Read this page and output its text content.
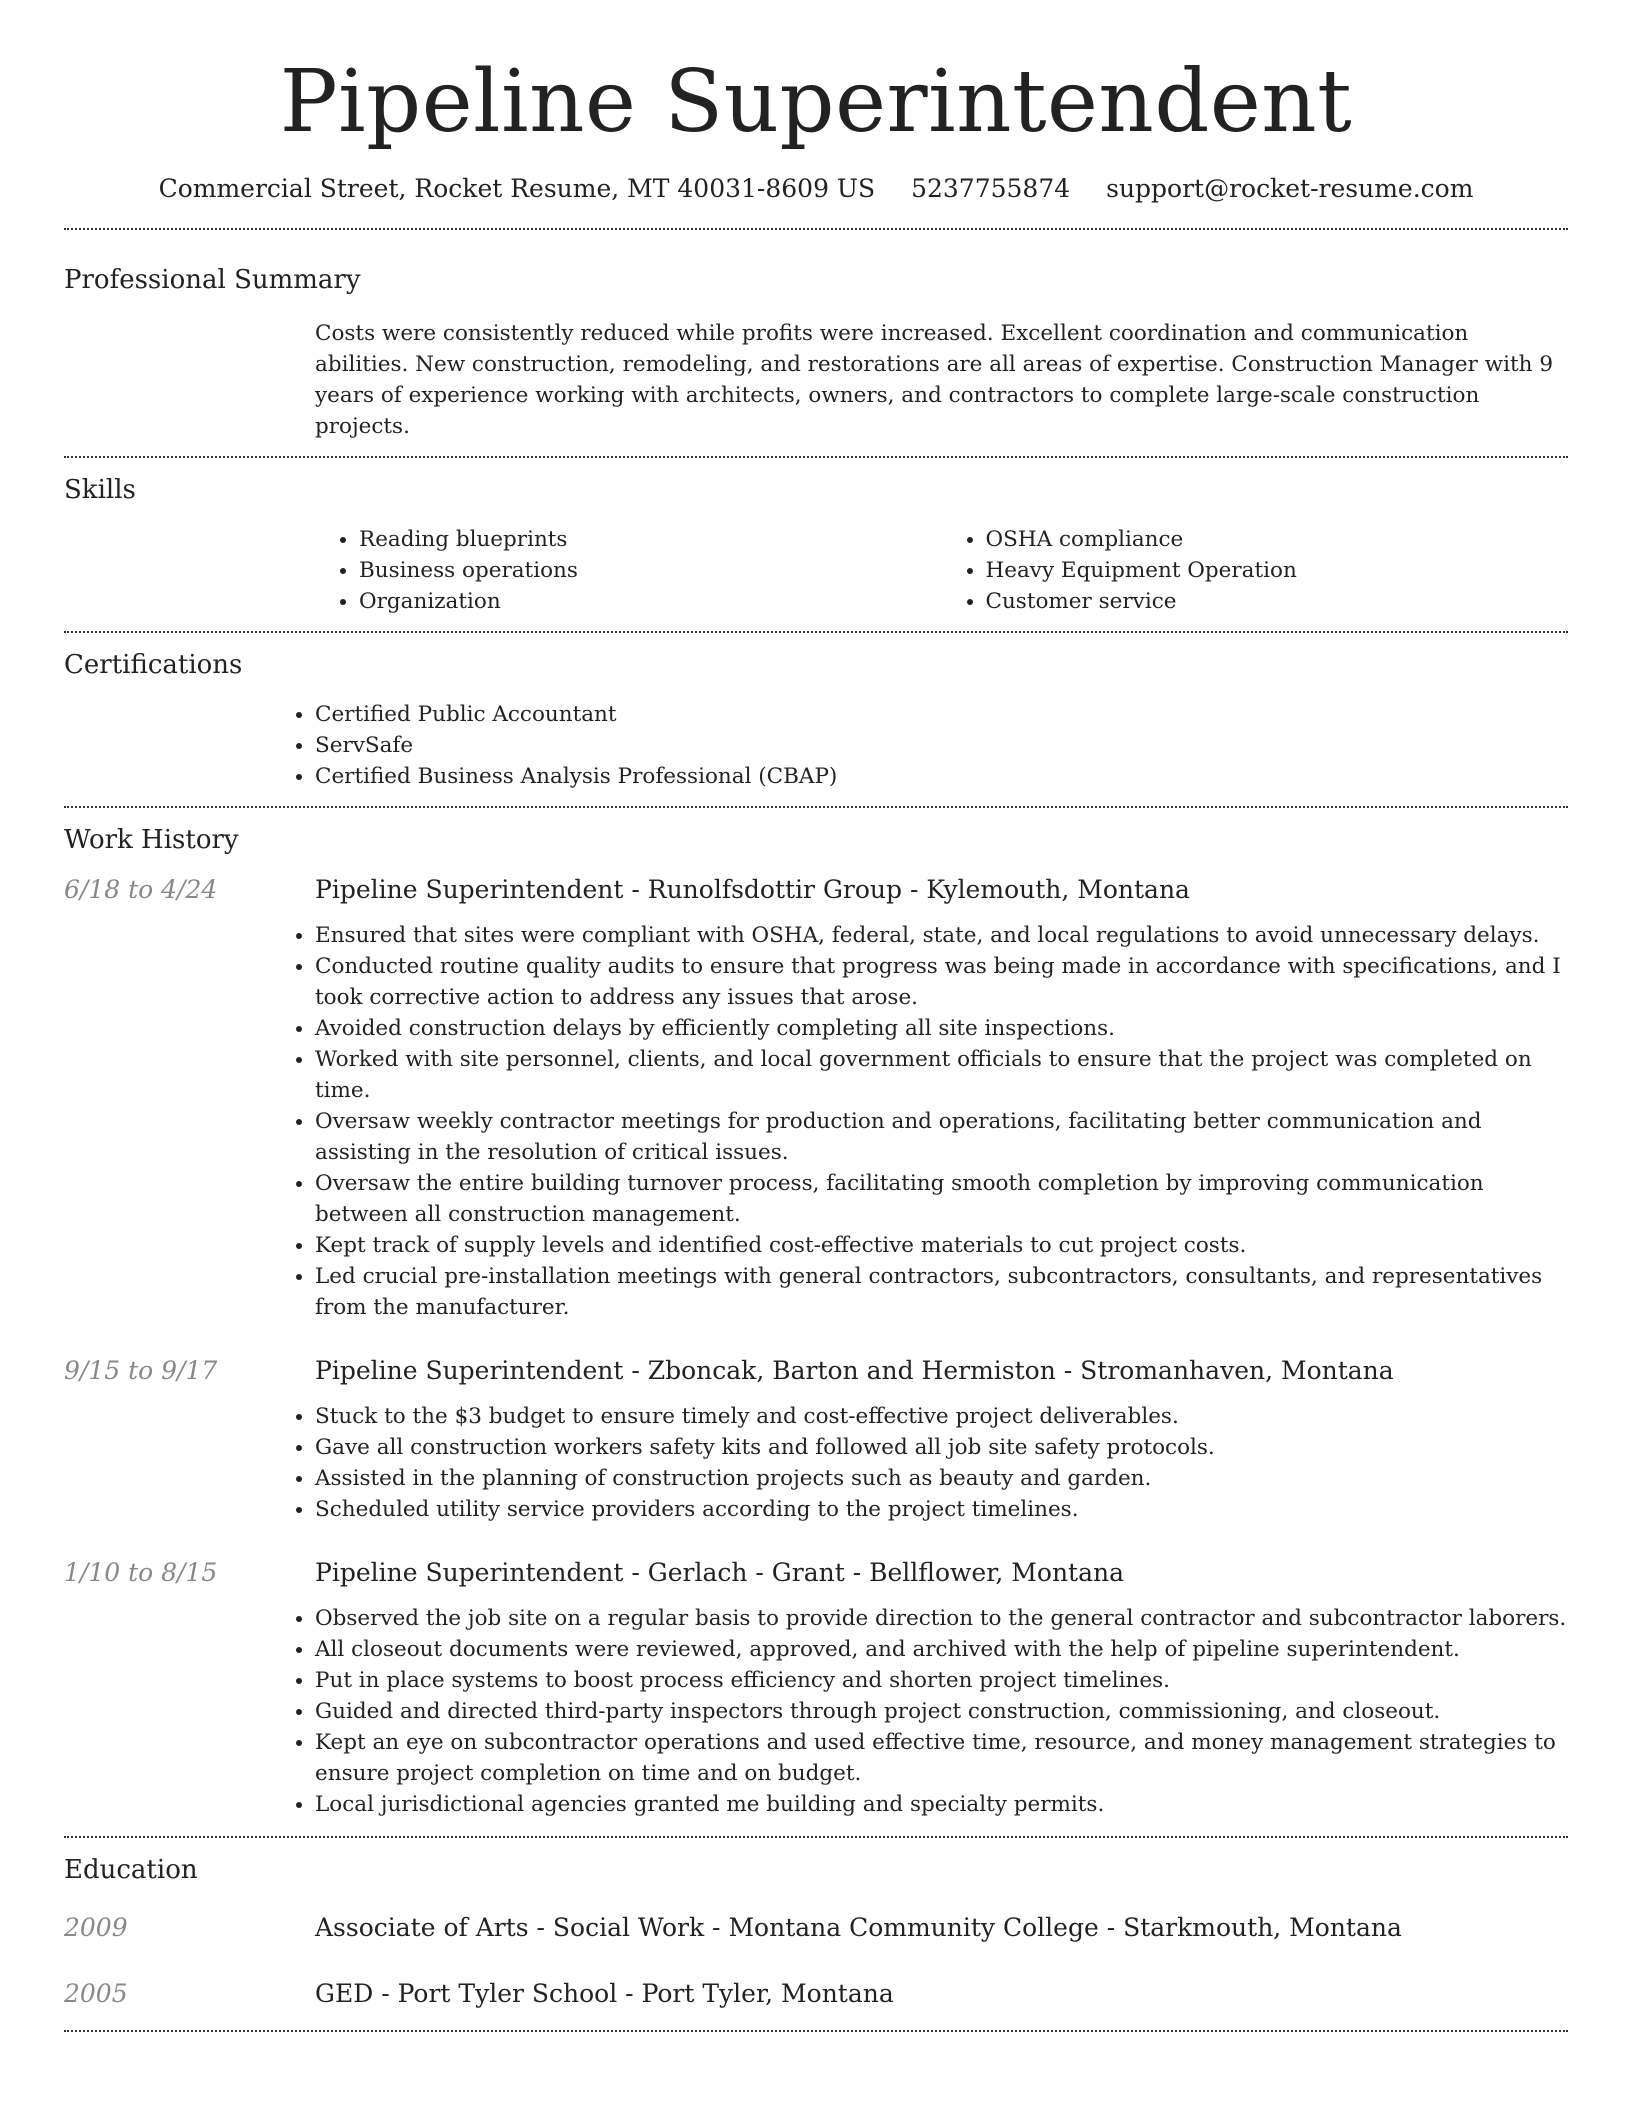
Pipeline Superintendent
Commercial Street, Rocket Resume, MT 40031-8609 US 5237755874 support@rocket-resume.com
Professional Summary
Costs were consistently reduced while profits were increased. Excellent coordination and communication abilities. New construction, remodeling, and restorations are all areas of expertise. Construction Manager with 9 years of experience working with architects, owners, and contractors to complete large-scale construction projects.
Skills
• Reading blueprints
• Business operations
• Organization
• OSHA compliance
• Heavy Equipment Operation
• Customer service
Certifications
• Certified Public Accountant
• ServSafe
• Certified Business Analysis Professional (CBAP)
Work History
6/18 to 4/24	Pipeline Superintendent - Runolfsdottir Group - Kylemouth, Montana
• Ensured that sites were compliant with OSHA, federal, state, and local regulations to avoid unnecessary delays.
• Conducted routine quality audits to ensure that progress was being made in accordance with specifications, and I took corrective action to address any issues that arose.
• Avoided construction delays by efficiently completing all site inspections.
• Worked with site personnel, clients, and local government officials to ensure that the project was completed on time.
• Oversaw weekly contractor meetings for production and operations, facilitating better communication and assisting in the resolution of critical issues.
• Oversaw the entire building turnover process, facilitating smooth completion by improving communication between all construction management.
• Kept track of supply levels and identified cost-effective materials to cut project costs.
• Led crucial pre-installation meetings with general contractors, subcontractors, consultants, and representatives from the manufacturer.
9/15 to 9/17	Pipeline Superintendent - Zboncak, Barton and Hermiston - Stromanhaven, Montana
• Stuck to the $3 budget to ensure timely and cost-effective project deliverables.
• Gave all construction workers safety kits and followed all job site safety protocols.
• Assisted in the planning of construction projects such as beauty and garden.
• Scheduled utility service providers according to the project timelines.
1/10 to 8/15	Pipeline Superintendent - Gerlach - Grant - Bellflower, Montana
• Observed the job site on a regular basis to provide direction to the general contractor and subcontractor laborers.
• All closeout documents were reviewed, approved, and archived with the help of pipeline superintendent.
• Put in place systems to boost process efficiency and shorten project timelines.
• Guided and directed third-party inspectors through project construction, commissioning, and closeout.
• Kept an eye on subcontractor operations and used effective time, resource, and money management strategies to ensure project completion on time and on budget.
• Local jurisdictional agencies granted me building and specialty permits.
Education
2009	Associate of Arts - Social Work - Montana Community College - Starkmouth, Montana
2005	GED - Port Tyler School - Port Tyler, Montana
